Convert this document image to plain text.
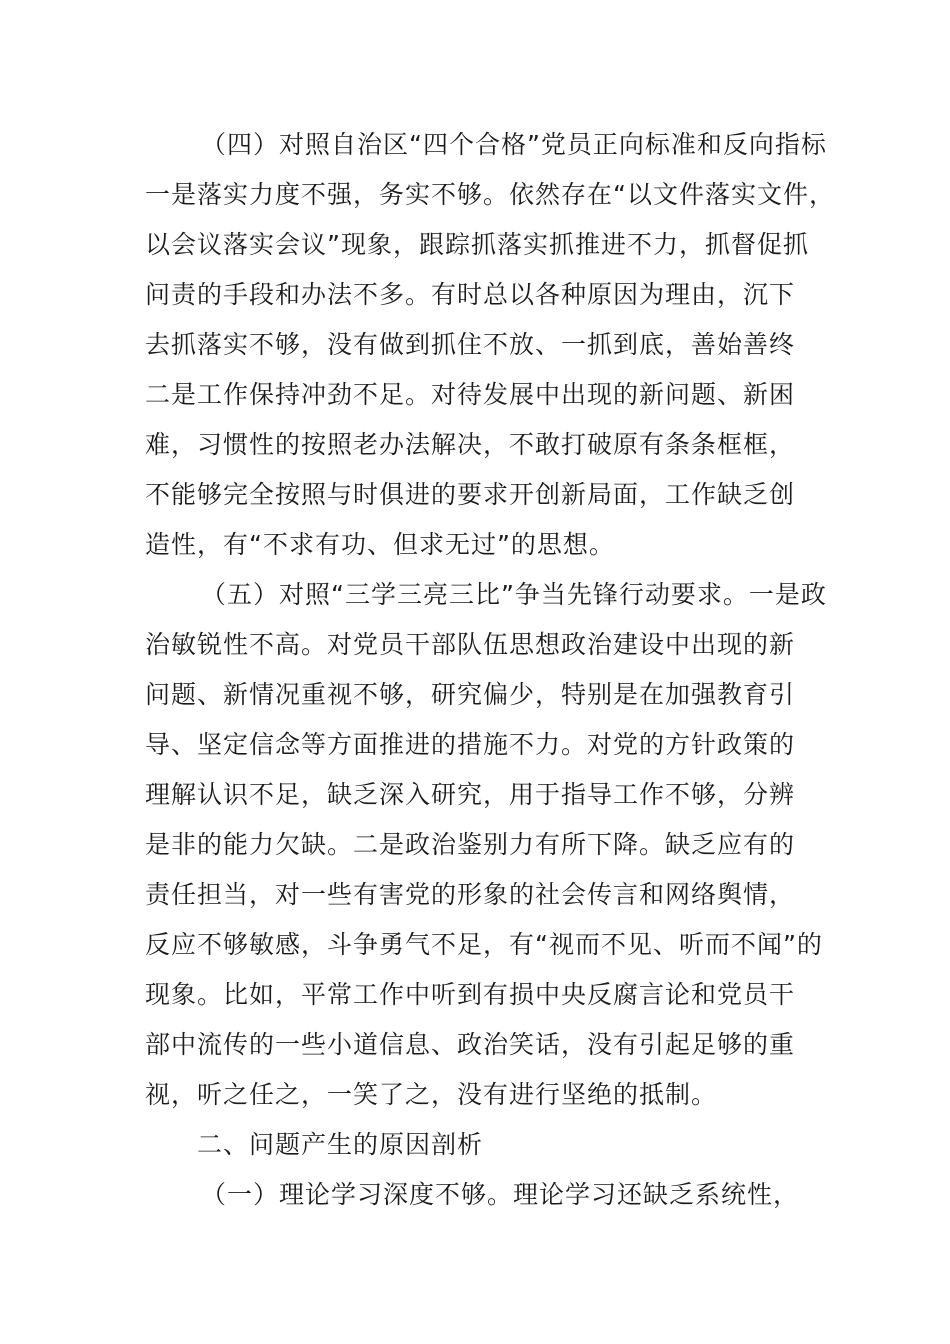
（四）对照自治区“四个合格”党员正向标准和反向指标
一是落实力度不强，务实不够。依然存在“以文件落实文件，
以会议落实会议”现象，跟踪抓落实抓推进不力，抓督促抓
问责的手段和办法不多。有时总以各种原因为理由，沉下
去抓落实不够，没有做到抓住不放、一抓到底，善始善终
二是工作保持冲劲不足。对待发展中出现的新问题、新困
难，习惯性的按照老办法解决，不敢打破原有条条框框，
不能够完全按照与时俱进的要求开创新局面，工作缺乏创
造性，有“不求有功、但求无过”的思想。
（五）对照“三学三亮三比”争当先锋行动要求。一是政
治敏锐性不高。对党员干部队伍思想政治建设中出现的新
问题、新情况重视不够，研究偏少，特别是在加强教育引
导、坚定信念等方面推进的措施不力。对党的方针政策的
理解认识不足，缺乏深入研究，用于指导工作不够，分辨
是非的能力欠缺。二是政治鉴别力有所下降。缺乏应有的
责任担当，对一些有害党的形象的社会传言和网络舆情，
反应不够敏感，斗争勇气不足，有“视而不见、听而不闻”的
现象。比如，平常工作中听到有损中央反腐言论和党员干
部中流传的一些小道信息、政治笑话，没有引起足够的重
视，听之任之，一笑了之，没有进行坚绝的抵制。
二、问题产生的原因剖析
（一）理论学习深度不够。理论学习还缺乏系统性，
